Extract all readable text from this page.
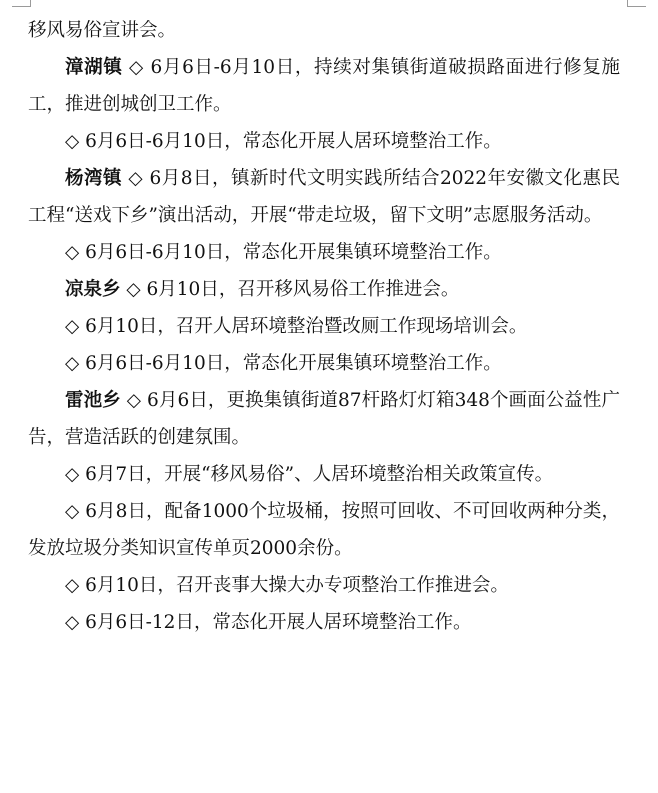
移风易俗宣讲会。

漳湖镇 ◇ 6月6日-6月10日，持续对集镇街道破损路面进行修复施工，推进创城创卫工作。

◇ 6月6日-6月10日，常态化开展人居环境整治工作。

杨湾镇 ◇ 6月8日，镇新时代文明实践所结合2022年安徽文化惠民工程“送戏下乡”演出活动，开展“带走垃圾，留下文明”志愿服务活动。

◇ 6月6日-6月10日，常态化开展集镇环境整治工作。

凉泉乡 ◇ 6月10日，召开移风易俗工作推进会。

◇ 6月10日，召开人居环境整治暨改厕工作现场培训会。

◇ 6月6日-6月10日，常态化开展集镇环境整治工作。

雷池乡 ◇ 6月6日，更换集镇街道87杆路灯灯箱348个画面公益性广告，营造活跃的创建氛围。

◇ 6月7日，开展“移风易俗”、人居环境整治相关政策宣传。

◇ 6月8日，配备1000个垃圾桶，按照可回收、不可回收两种分类，发放垃圾分类知识宣传单页2000余份。

◇ 6月10日，召开丧事大操大办专项整治工作推进会。

◇ 6月6日-12日，常态化开展人居环境整治工作。
